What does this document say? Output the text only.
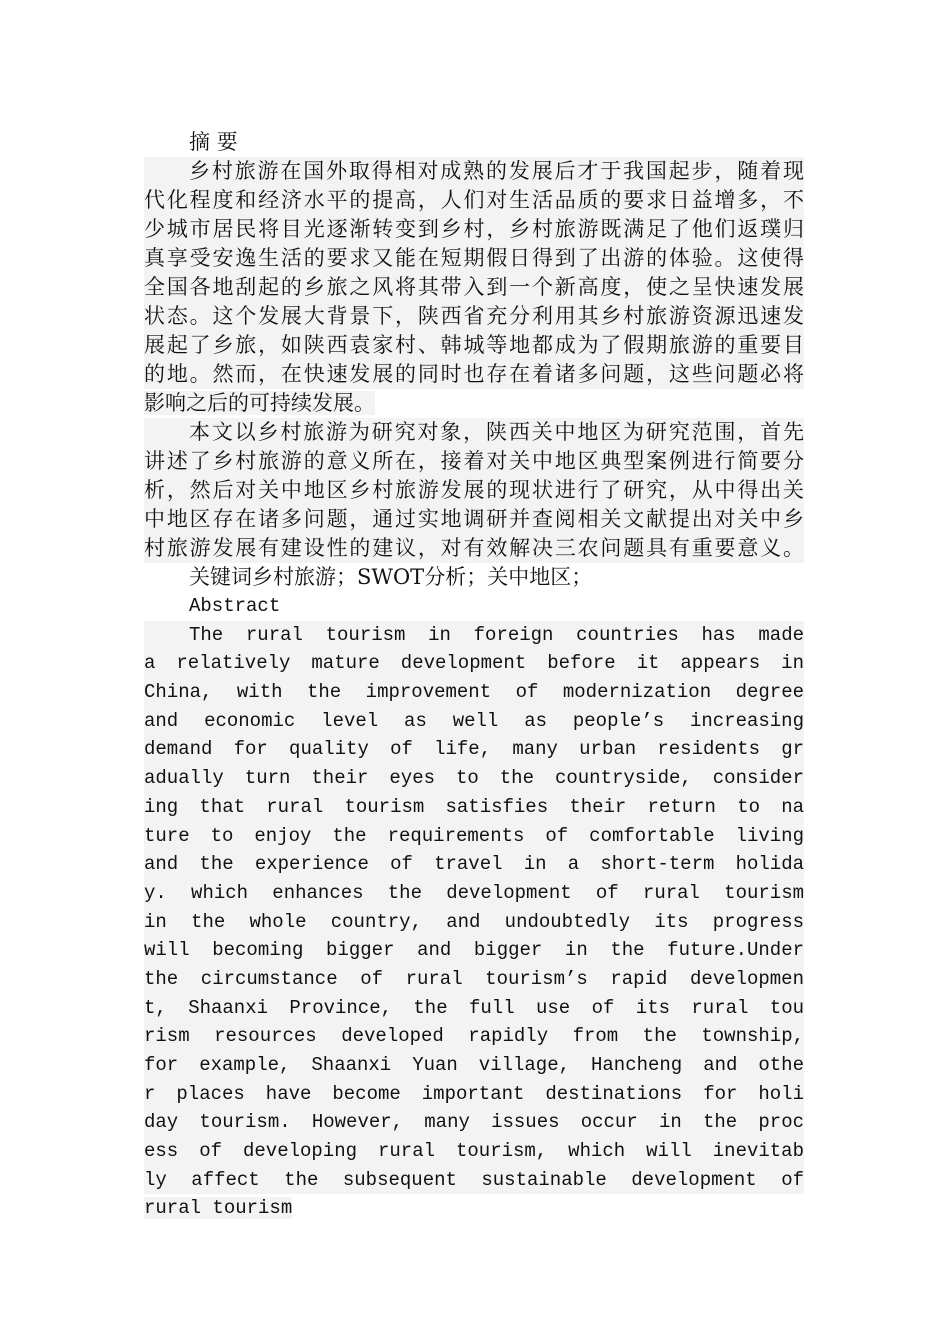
摘 要
乡村旅游在国外取得相对成熟的发展后才于我国起步，随着现
代化程度和经济水平的提高，人们对生活品质的要求日益增多，不
少城市居民将目光逐渐转变到乡村，乡村旅游既满足了他们返璞归
真享受安逸生活的要求又能在短期假日得到了出游的体验。这使得
全国各地刮起的乡旅之风将其带入到一个新高度，使之呈快速发展
状态。这个发展大背景下，陕西省充分利用其乡村旅游资源迅速发
展起了乡旅，如陕西袁家村、韩城等地都成为了假期旅游的重要目
的地。然而，在快速发展的同时也存在着诸多问题，这些问题必将
影响之后的可持续发展。
本文以乡村旅游为研究对象，陕西关中地区为研究范围，首先
讲述了乡村旅游的意义所在，接着对关中地区典型案例进行简要分
析，然后对关中地区乡村旅游发展的现状进行了研究，从中得出关
中地区存在诸多问题，通过实地调研并查阅相关文献提出对关中乡
村旅游发展有建设性的建议，对有效解决三农问题具有重要意义。
关键词乡村旅游；SWOT分析；关中地区；
Abstract
The rural tourism in foreign countries has made
a relatively mature development before it appears in
China, with the improvement of modernization degree
and economic level as well as people’s increasing
demand for quality of life, many urban residents gr
adually turn their eyes to the countryside, consider
ing that rural tourism satisfies their return to na
ture to enjoy the requirements of comfortable living
and the experience of travel in a short-term holida
y. which enhances the development of rural tourism
in the whole country, and undoubtedly its progress
will becoming bigger and bigger in the future.Under
the circumstance of rural tourism’s rapid developmen
t, Shaanxi Province, the full use of its rural tou
rism resources developed rapidly from the township,
for example, Shaanxi Yuan village, Hancheng and othe
r places have become important destinations for holi
day tourism. However, many issues occur in the proc
ess of developing rural tourism, which will inevitab
ly affect the subsequent sustainable development of
rural tourism
